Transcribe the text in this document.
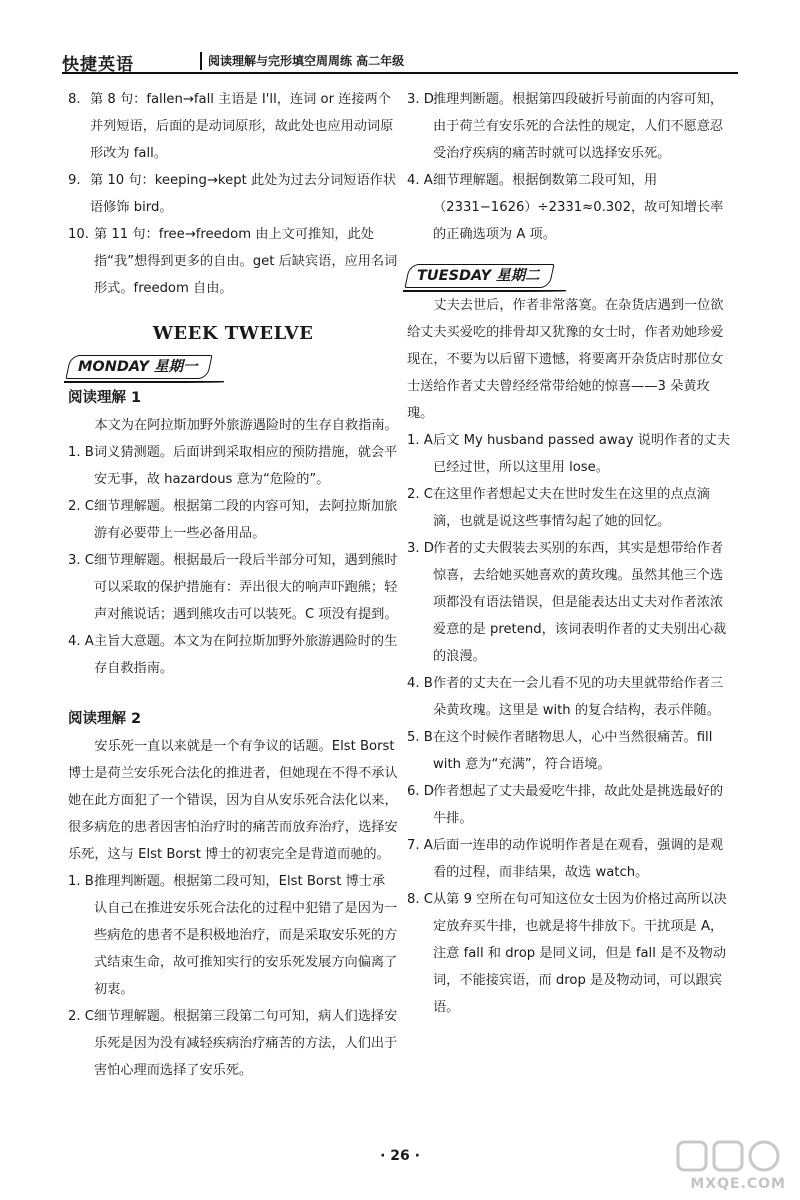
快捷英语	阅读理解与完形填空周周练 高二年级
8. 第 8 句：fallen→fall 主语是 I'll，连词 or 连接两个并列短语，后面的是动词原形，故此处也应用动词原形改为 fall。
9. 第 10 句：keeping→kept 此处为过去分词短语作状语修饰 bird。
10. 第 11 句：free→freedom 由上文可推知，此处指“我”想得到更多的自由。get 后缺宾语，应用名词形式。freedom 自由。
WEEK TWELVE
MONDAY 星期一
阅读理解 1
本文为在阿拉斯加野外旅游遇险时的生存自救指南。
1. B 词义猜测题。后面讲到采取相应的预防措施，就会平安无事，故 hazardous 意为“危险的”。
2. C 细节理解题。根据第二段的内容可知，去阿拉斯加旅游有必要带上一些必备用品。
3. C 细节理解题。根据最后一段后半部分可知，遇到熊时可以采取的保护措施有：弄出很大的响声吓跑熊；轻声对熊说话；遇到熊攻击可以装死。C 项没有提到。
4. A 主旨大意题。本文为在阿拉斯加野外旅游遇险时的生存自救指南。
阅读理解 2
安乐死一直以来就是一个有争议的话题。Elst Borst 博士是荷兰安乐死合法化的推进者，但她现在不得不承认她在此方面犯了一个错误，因为自从安乐死合法化以来，很多病危的患者因害怕治疗时的痛苦而放弃治疗，选择安乐死，这与 Elst Borst 博士的初衷完全是背道而驰的。
1. B 推理判断题。根据第二段可知，Elst Borst 博士承认自己在推进安乐死合法化的过程中犯错了是因为一些病危的患者不是积极地治疗，而是采取安乐死的方式结束生命，故可推知实行的安乐死发展方向偏离了初衷。
2. C 细节理解题。根据第三段第二句可知，病人们选择安乐死是因为没有减轻疾病治疗痛苦的方法，人们出于害怕心理而选择了安乐死。
3. D 推理判断题。根据第四段破折号前面的内容可知，由于荷兰有安乐死的合法性的规定，人们不愿意忍受治疗疾病的痛苦时就可以选择安乐死。
4. A 细节理解题。根据倒数第二段可知，用（2331−1626）÷2331≈0.302，故可知增长率的正确选项为 A 项。
TUESDAY 星期二
丈夫去世后，作者非常落寞。在杂货店遇到一位欲给丈夫买爱吃的排骨却又犹豫的女士时，作者劝她珍爱现在，不要为以后留下遗憾，将要离开杂货店时那位女士送给作者丈夫曾经经常带给她的惊喜——3 朵黄玫瑰。
1. A 后文 My husband passed away 说明作者的丈夫已经过世，所以这里用 lose。
2. C 在这里作者想起丈夫在世时发生在这里的点点滴滴，也就是说这些事情勾起了她的回忆。
3. D 作者的丈夫假装去买别的东西，其实是想带给作者惊喜，去给她买她喜欢的黄玫瑰。虽然其他三个选项都没有语法错误，但是能表达出丈夫对作者浓浓爱意的是 pretend，该词表明作者的丈夫别出心裁的浪漫。
4. B 作者的丈夫在一会儿看不见的功夫里就带给作者三朵黄玫瑰。这里是 with 的复合结构，表示伴随。
5. B 在这个时候作者睹物思人，心中当然很痛苦。fill with 意为“充满”，符合语境。
6. D 作者想起了丈夫最爱吃牛排，故此处是挑选最好的牛排。
7. A 后面一连串的动作说明作者是在观看，强调的是观看的过程，而非结果，故选 watch。
8. C 从第 9 空所在句可知这位女士因为价格过高所以决定放弃买牛排，也就是将牛排放下。干扰项是 A，注意 fall 和 drop 是同义词，但是 fall 是不及物动词，不能接宾语，而 drop 是及物动词，可以跟宾语。
· 26 ·
MXQE.COM
